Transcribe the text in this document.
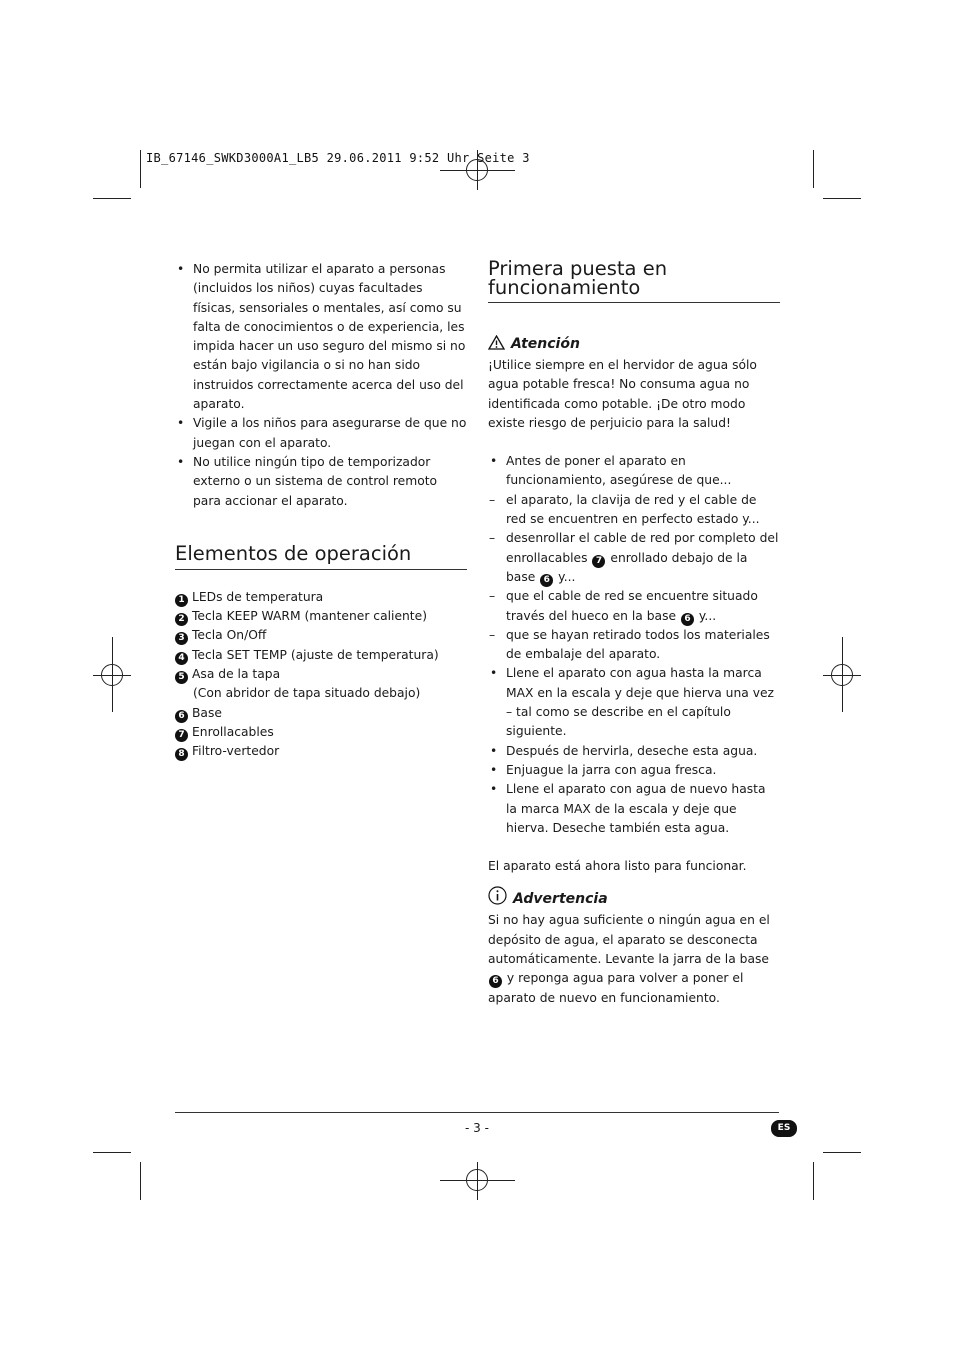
IB_67146_SWKD3000A1_LB5 29.06.2011 9:52 Uhr Seite 3
• No permita utilizar el aparato a personas (incluidos los niños) cuyas facultades físicas, sensoriales o mentales, así como su falta de conocimientos o de experiencia, les impida hacer un uso seguro del mismo si no están bajo vigilancia o si no han sido instruidos correctamente acerca del uso del aparato.
• Vigile a los niños para asegurarse de que no juegan con el aparato.
• No utilice ningún tipo de temporizador externo o un sistema de control remoto para accionar el aparato.
Elementos de operación
1 LEDs de temperatura
2 Tecla KEEP WARM (mantener caliente)
3 Tecla On/Off
4 Tecla SET TEMP (ajuste de temperatura)
5 Asa de la tapa
(Con abridor de tapa situado debajo)
6 Base
7 Enrollacables
8 Filtro-vertedor
Primera puesta en
funcionamiento
Atención
¡Utilice siempre en el hervidor de agua sólo agua potable fresca! No consuma agua no identificada como potable. ¡De otro modo existe riesgo de perjuicio para la salud!
• Antes de poner el aparato en funcionamiento, asegúrese de que...
– el aparato, la clavija de red y el cable de red se encuentren en perfecto estado y...
– desenrollar el cable de red por completo del enrollacables 7 enrollado debajo de la base 6 y...
– que el cable de red se encuentre situado través del hueco en la base 6 y...
– que se hayan retirado todos los materiales de embalaje del aparato.
• Llene el aparato con agua hasta la marca MAX en la escala y deje que hierva una vez – tal como se describe en el capítulo siguiente.
• Después de hervirla, deseche esta agua.
• Enjuague la jarra con agua fresca.
• Llene el aparato con agua de nuevo hasta la marca MAX de la escala y deje que hierva. Deseche también esta agua.
El aparato está ahora listo para funcionar.
Advertencia
Si no hay agua suficiente o ningún agua en el depósito de agua, el aparato se desconecta automáticamente. Levante la jarra de la base 6 y reponga agua para volver a poner el aparato de nuevo en funcionamiento.
- 3 -	ES
